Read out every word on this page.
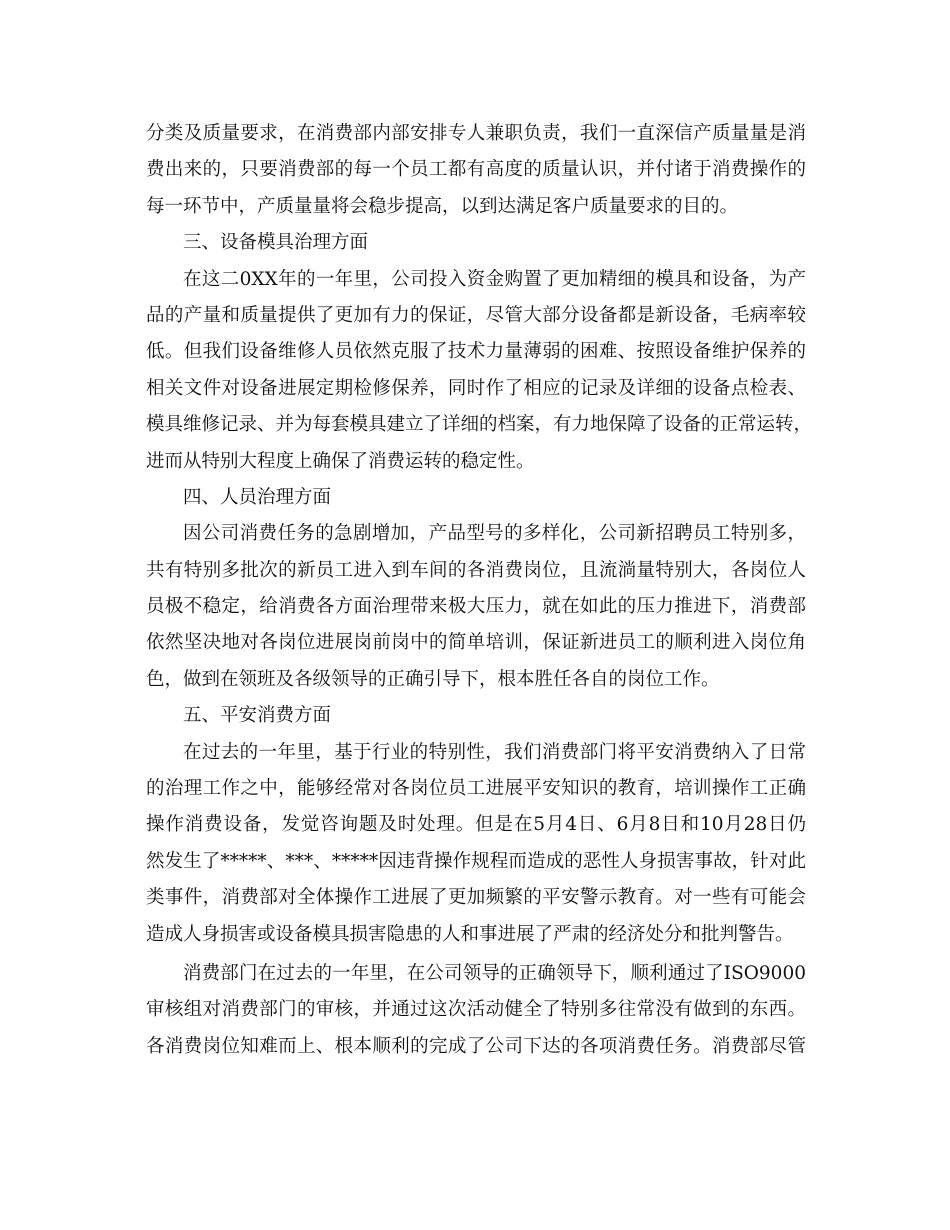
分类及质量要求，在消费部内部安排专人兼职负责，我们一直深信产质量量是消
费出来的，只要消费部的每一个员工都有高度的质量认识，并付诸于消费操作的
每一环节中，产质量量将会稳步提高，以到达满足客户质量要求的目的。
三、设备模具治理方面
在这二0XX年的一年里，公司投入资金购置了更加精细的模具和设备，为产
品的产量和质量提供了更加有力的保证，尽管大部分设备都是新设备，毛病率较
低。但我们设备维修人员依然克服了技术力量薄弱的困难、按照设备维护保养的
相关文件对设备进展定期检修保养，同时作了相应的记录及详细的设备点检表、
模具维修记录、并为每套模具建立了详细的档案，有力地保障了设备的正常运转，
进而从特别大程度上确保了消费运转的稳定性。
四、人员治理方面
因公司消费任务的急剧增加，产品型号的多样化，公司新招聘员工特别多，
共有特别多批次的新员工进入到车间的各消费岗位，且流淌量特别大，各岗位人
员极不稳定，给消费各方面治理带来极大压力，就在如此的压力推进下，消费部
依然坚决地对各岗位进展岗前岗中的简单培训，保证新进员工的顺利进入岗位角
色，做到在领班及各级领导的正确引导下，根本胜任各自的岗位工作。
五、平安消费方面
在过去的一年里，基于行业的特别性，我们消费部门将平安消费纳入了日常
的治理工作之中，能够经常对各岗位员工进展平安知识的教育，培训操作工正确
操作消费设备，发觉咨询题及时处理。但是在5月4日、6月8日和10月28日仍
然发生了*****、***、*****因违背操作规程而造成的恶性人身损害事故，针对此
类事件，消费部对全体操作工进展了更加频繁的平安警示教育。对一些有可能会
造成人身损害或设备模具损害隐患的人和事进展了严肃的经济处分和批判警告。
消费部门在过去的一年里，在公司领导的正确领导下，顺利通过了ISO9000
审核组对消费部门的审核，并通过这次活动健全了特别多往常没有做到的东西。
各消费岗位知难而上、根本顺利的完成了公司下达的各项消费任务。消费部尽管
